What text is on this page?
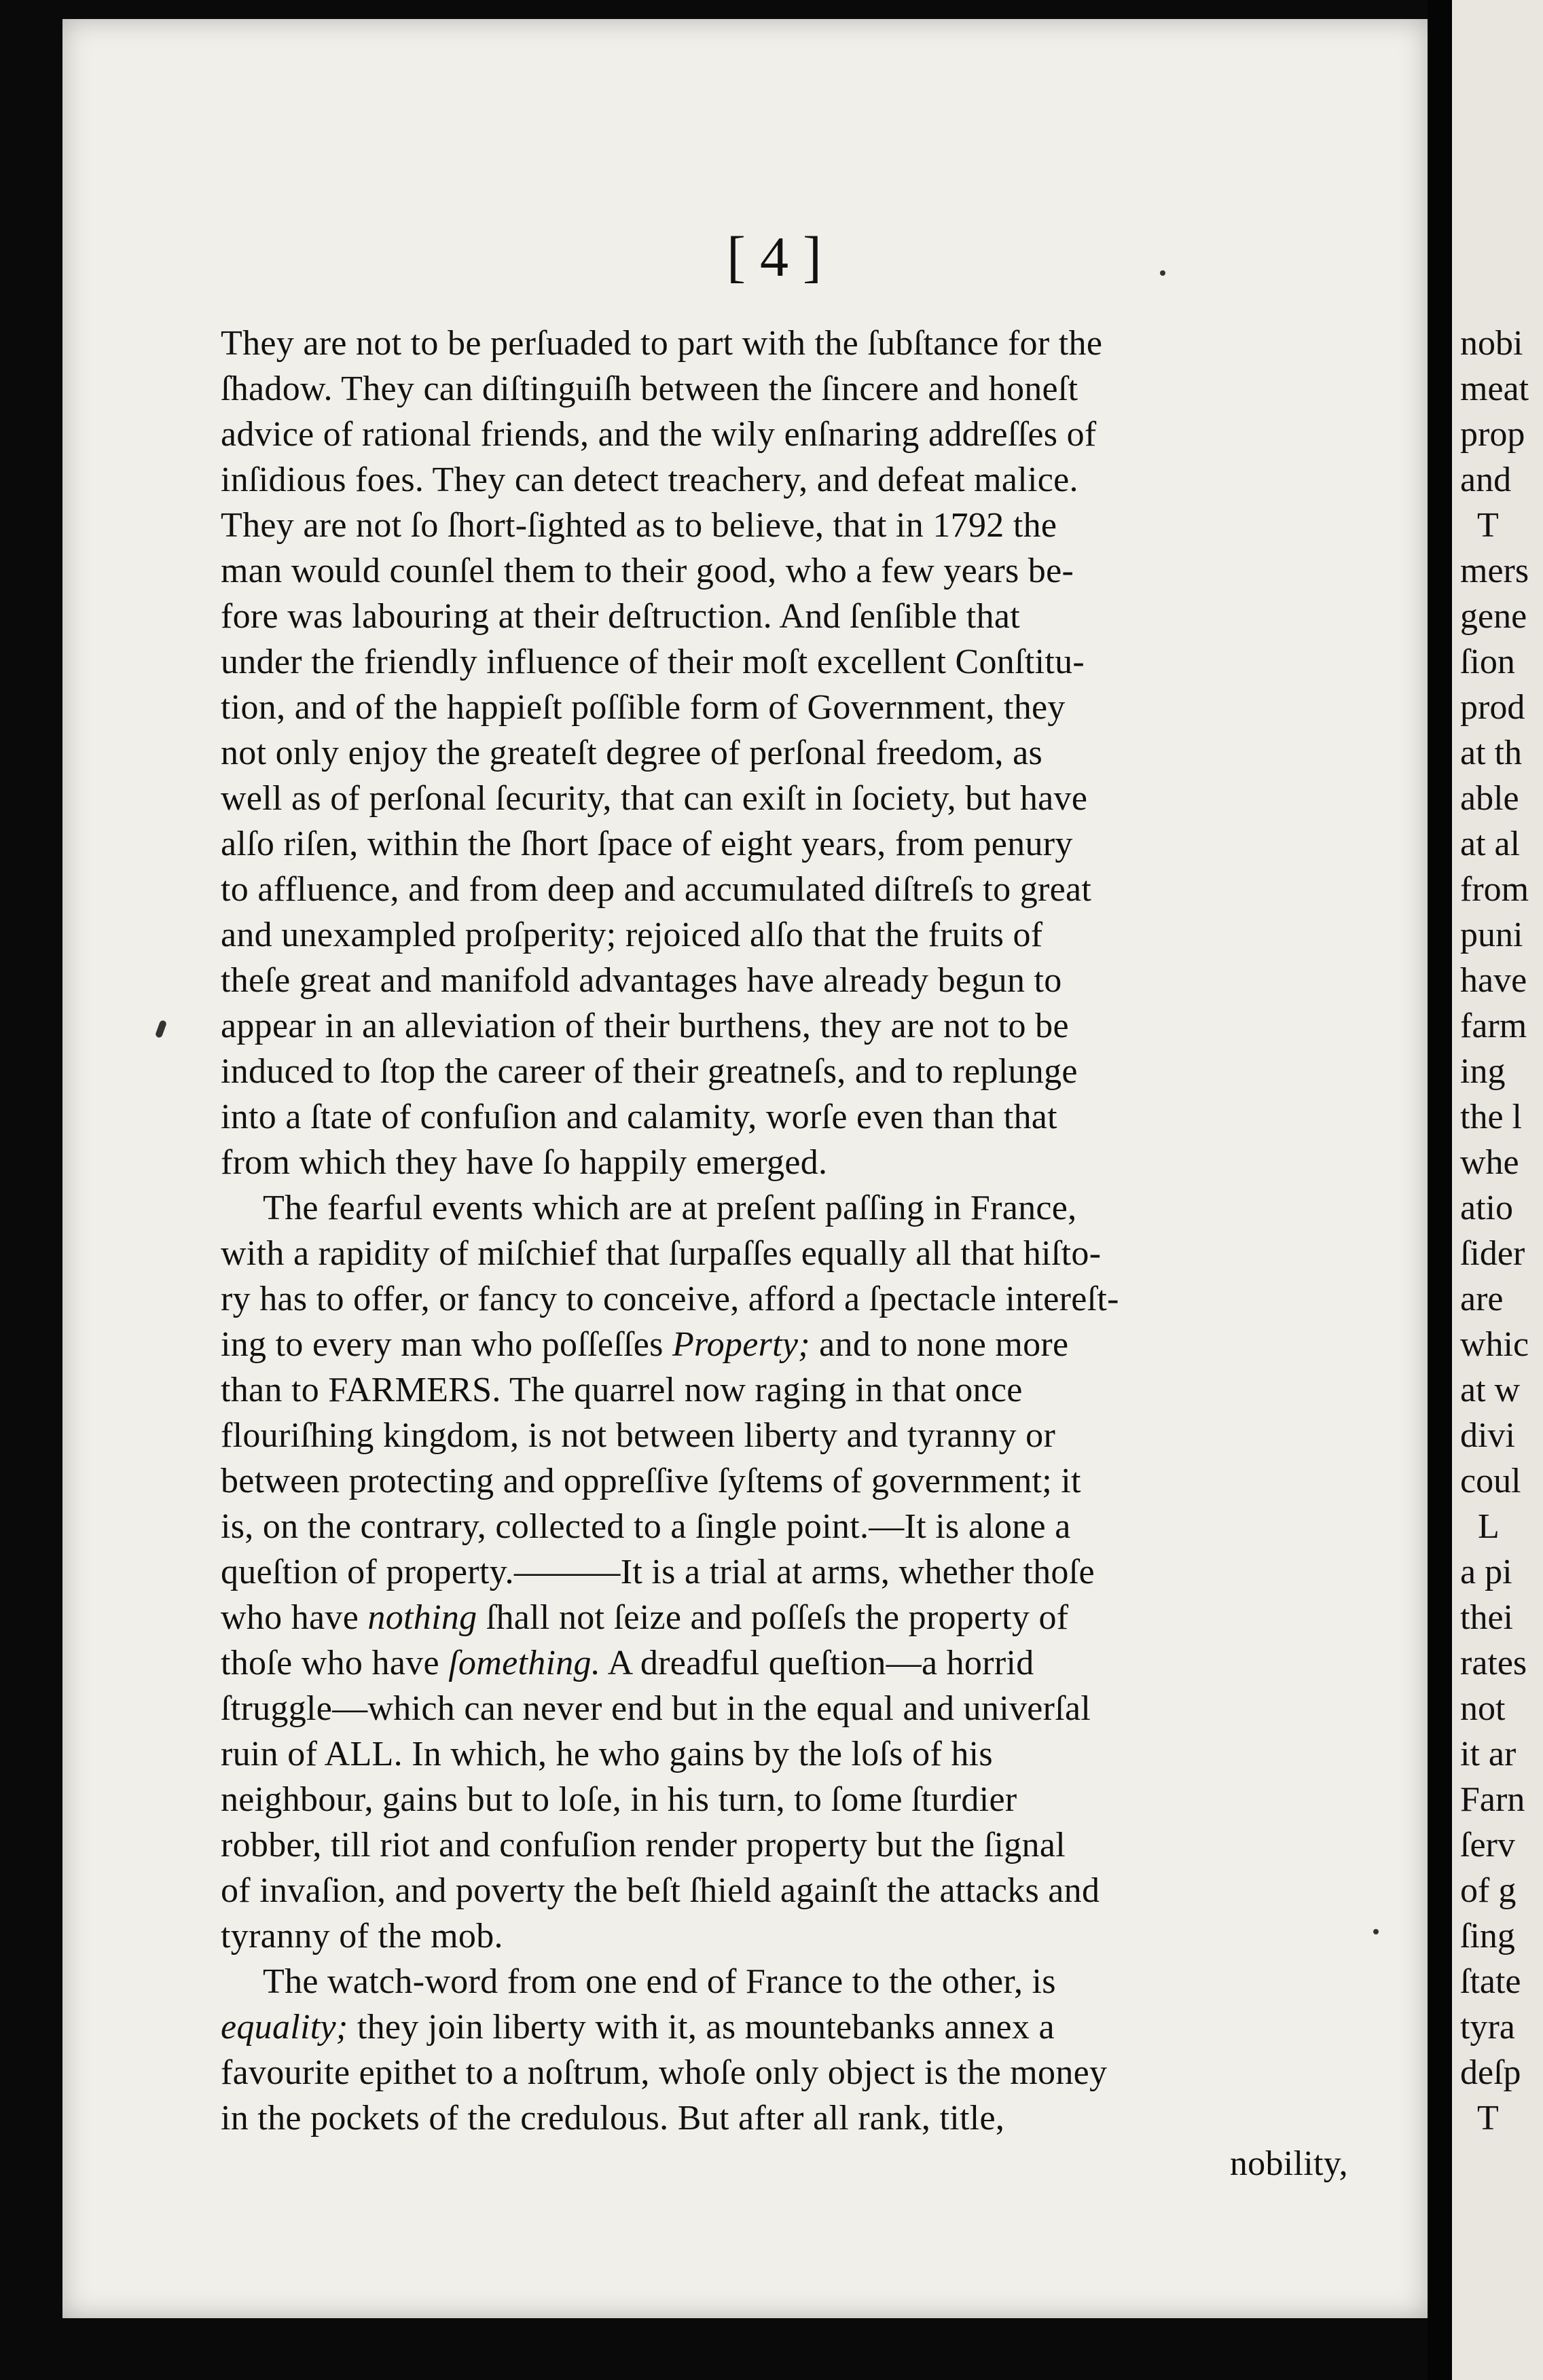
[ 4 ]
They are not to be perſuaded to part with the ſubſtance for the
ſhadow. They can diſtinguiſh between the ſincere and honeſt
advice of rational friends, and the wily enſnaring addreſſes of
inſidious foes. They can detect treachery, and defeat malice.
They are not ſo ſhort-ſighted as to believe, that in 1792 the
man would counſel them to their good, who a few years be-
fore was labouring at their deſtruction. And ſenſible that
under the friendly influence of their moſt excellent Conſtitu-
tion, and of the happieſt poſſible form of Government, they
not only enjoy the greateſt degree of perſonal freedom, as
well as of perſonal ſecurity, that can exiſt in ſociety, but have
alſo riſen, within the ſhort ſpace of eight years, from penury
to affluence, and from deep and accumulated diſtreſs to great
and unexampled proſperity; rejoiced alſo that the fruits of
theſe great and manifold advantages have already begun to
appear in an alleviation of their burthens, they are not to be
induced to ſtop the career of their greatneſs, and to replunge
into a ſtate of confuſion and calamity, worſe even than that
from which they have ſo happily emerged.
The fearful events which are at preſent paſſing in France,
with a rapidity of miſchief that ſurpaſſes equally all that hiſto-
ry has to offer, or fancy to conceive, afford a ſpectacle intereſt-
ing to every man who poſſeſſes Property; and to none more
than to FARMERS. The quarrel now raging in that once
flouriſhing kingdom, is not between liberty and tyranny or
between protecting and oppreſſive ſyſtems of government; it
is, on the contrary, collected to a ſingle point.—It is alone a
queſtion of property.———It is a trial at arms, whether thoſe
who have nothing ſhall not ſeize and poſſeſs the property of
thoſe who have ſomething. A dreadful queſtion—a horrid
ſtruggle—which can never end but in the equal and univerſal
ruin of ALL. In which, he who gains by the loſs of his
neighbour, gains but to loſe, in his turn, to ſome ſturdier
robber, till riot and confuſion render property but the ſignal
of invaſion, and poverty the beſt ſhield againſt the attacks and
tyranny of the mob.
The watch-word from one end of France to the other, is
equality; they join liberty with it, as mountebanks annex a
favourite epithet to a noſtrum, whoſe only object is the money
in the pockets of the credulous. But after all rank, title,
nobility,
nobi
meat
prop
and
T
mers
gene
ſion
prod
at th
able
at al
from
puni
have
farm
ing
the l
whe
atio
ſider
are
whic
at w
divi
coul
L
a pi
thei
rates
not
it ar
Farn
ſerv
of g
ſing
ſtate
tyra
deſp
T
